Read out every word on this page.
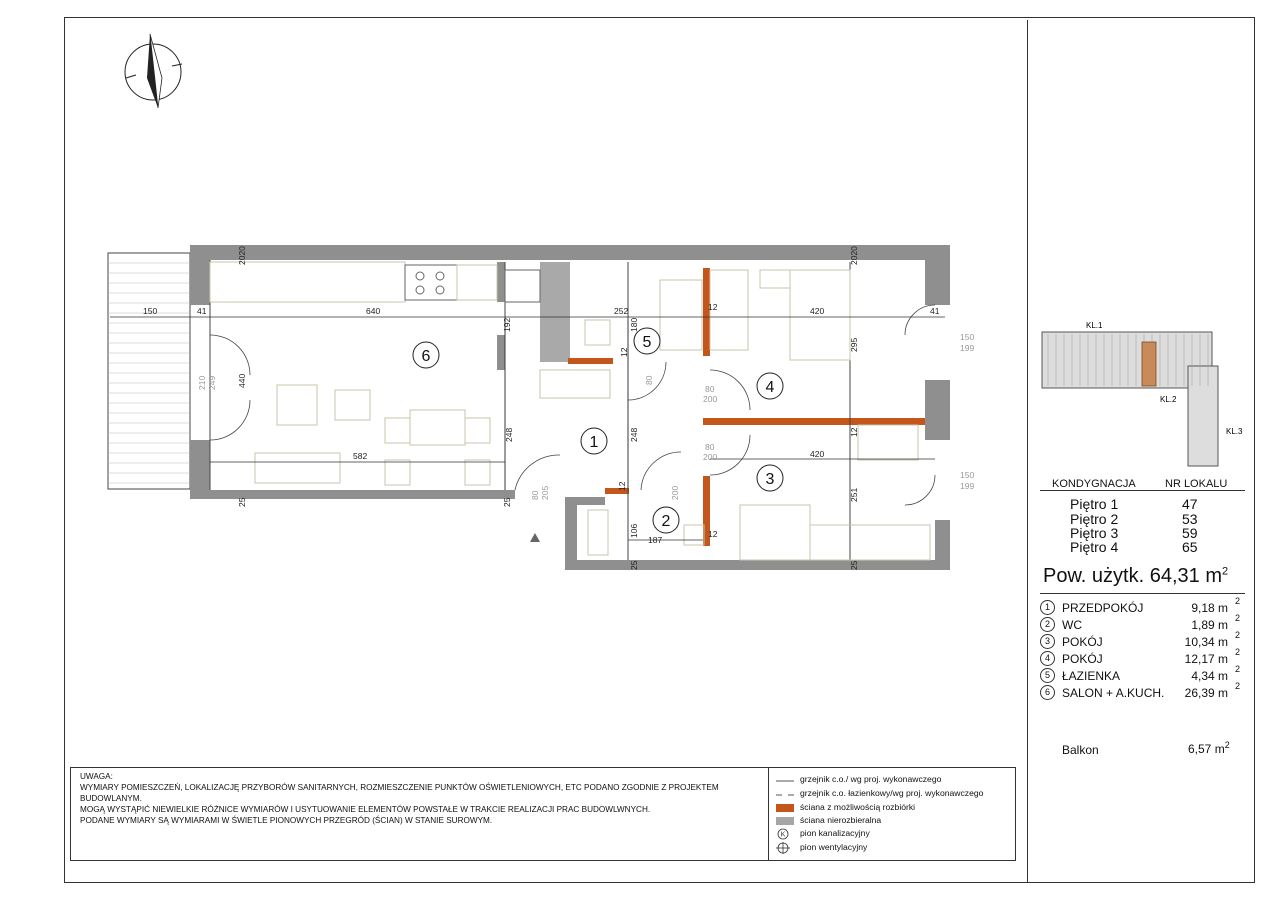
6
1
5
4
3
2
150	41	640	252	420	41
582	420
187
12
12
150
199
150
199
80
200
80
200
440
248	248
295
251
180
192
106
12
12
12
2020	2020
25	25
25	25
210 249	80
200
80 205
KL.1
KL.2
KL.3
KONDYGNACJA	NR LOKALU
Piętro 1	47
Piętro 2	53
Piętro 3	59
Piętro 4	65
Pow. użytk. 64,31 $m^2$
1	PRZEDPOKÓJ	9,18 m 2
2	WC	1,89 m 2
3	POKÓJ	10,34 m 2
4	POKÓJ	12,17 m 2
5	ŁAZIENKA	4,34 m 2
6	SALON + A.KUCH. 26,39 m 2
Balkon	6,57 $m^2$
UWAGA:
WYMIARY POMIESZCZEŃ, LOKALIZACJĘ PRZYBORÓW SANITARNYCH, ROZMIESZCZENIE PUNKTÓW OŚWIETLENIOWYCH, ETC PODANO ZGODNIE Z PROJEKTEM
BUDOWLANYM.
MOGĄ WYSTĄPIĆ NIEWIELKIE RÓŻNICE WYMIARÓW I USYTUOWANIE ELEMENTÓW POWSTAŁE W TRAKCIE REALIZACJI PRAC BUDOWLWNYCH.
PODANE WYMIARY SĄ WYMIARAMI W ŚWIETLE PIONOWYCH PRZEGRÓD (ŚCIAN) W STANIE SUROWYM.
grzejnik c.o./ wg proj. wykonawczego
grzejnik c.o. łazienkowy/wg proj. wykonawczego
ściana z możliwością rozbiórki
ściana nierozbieralna
K pion kanalizacyjny
pion wentylacyjny
